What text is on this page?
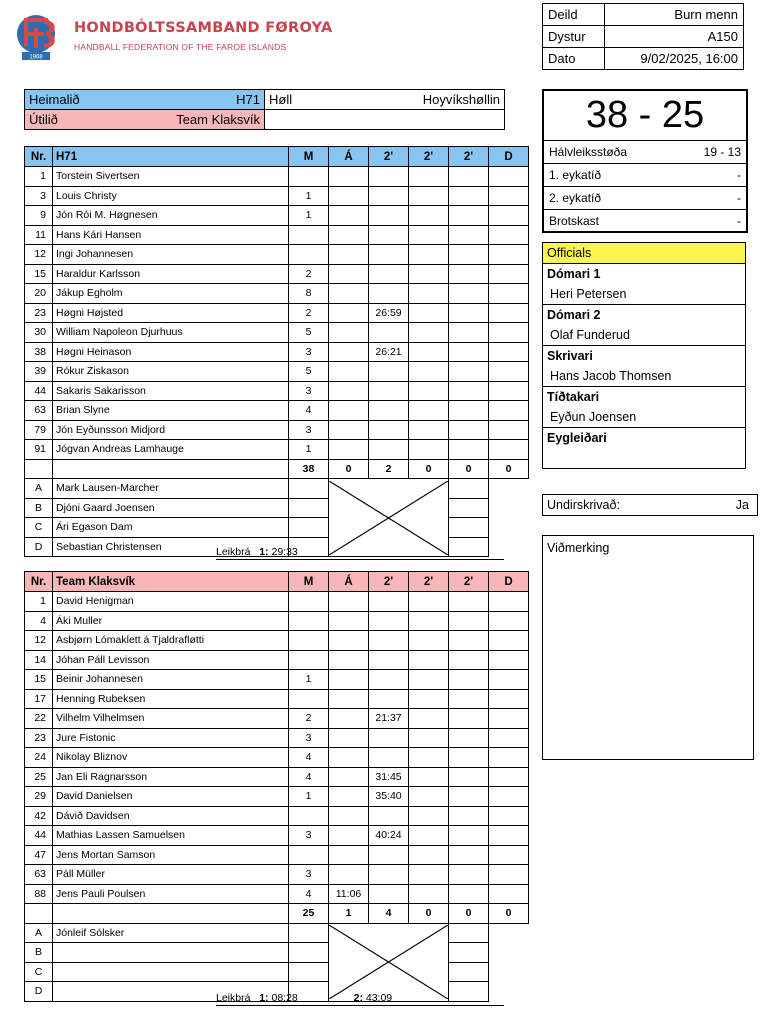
1968
HONDBÓLTSSAMBAND FØROYA
HANDBALL FEDERATION OF THE FAROE ISLANDS
Deild	Burn menn
Dystur	A150
Dato	9/02/2025, 16:00
Heimalið H71	Høll Hoyvíkshøllin

Útilið Team Klaksvík	

Nr.	H71	M	Á	2'	2'	2'	D
1	Torstein Sivertsen						
3	Louis Christy	1					
9	Jón Rói M. Høgnesen	1					
11	Hans Kári Hansen						
12	Ingi Johannesen						
15	Haraldur Karlsson	2					
20	Jákup Egholm	8					
23	Høgni Højsted	2		26:59			
30	William Napoleon Djurhuus	5					
38	Høgni Heinason	3		26:21			
39	Rókur Ziskason	5					
44	Sakaris Sakarisson	3					
63	Brian Slyne	4					
79	Jón Eyðunsson Midjord	3					
91	Jógvan Andreas Lamhauge	1					
		38	0	2	0	0	0
A	Mark Lausen-Marcher		

B	Djóni Gaard Joensen						
C	Ári Egason Dam						
D	Sebastian Christensen							Leikbrá 1: 29:33
Nr.	Team Klaksvík	M	Á	2'	2'	2'	D
1	David Henigman						
4	Áki Muller						
12	Asbjørn Lómaklett á Tjaldrafløtti						
14	Jóhan Páll Levisson						
15	Beinir Johannesen	1					
17	Henning Rubeksen						
22	Vilhelm Vilhelmsen	2		21:37			
23	Jure Fistonic	3					
24	Nikolay Bliznov	4					
25	Jan Eli Ragnarsson	4		31:45			
29	David Danielsen	1		35:40			
42	Dávið Davidsen						
44	Mathias Lassen Samuelsen	3		40:24			
47	Jens Mortan Samson						
63	Páll Müller	3					
88	Jens Pauli Poulsen	4	11:06				
		25	1	4	0	0	0
A	Jónleif Sólsker		

B							
C							
D							
Leikbrá 1: 08:28	2: 43:09
38 - 25
Hálvleiksstøða	19 - 13
1. eykatíð	-
2. eykatíð	-
Brotskast	-
Officials
Dómari 1
Heri Petersen
Dómari 2
Olaf Funderud
Skrivari
Hans Jacob Thomsen
Tíðtakari
Eyðun Joensen
Eygleiðari
Undirskrivað:	Ja
Viðmerking
